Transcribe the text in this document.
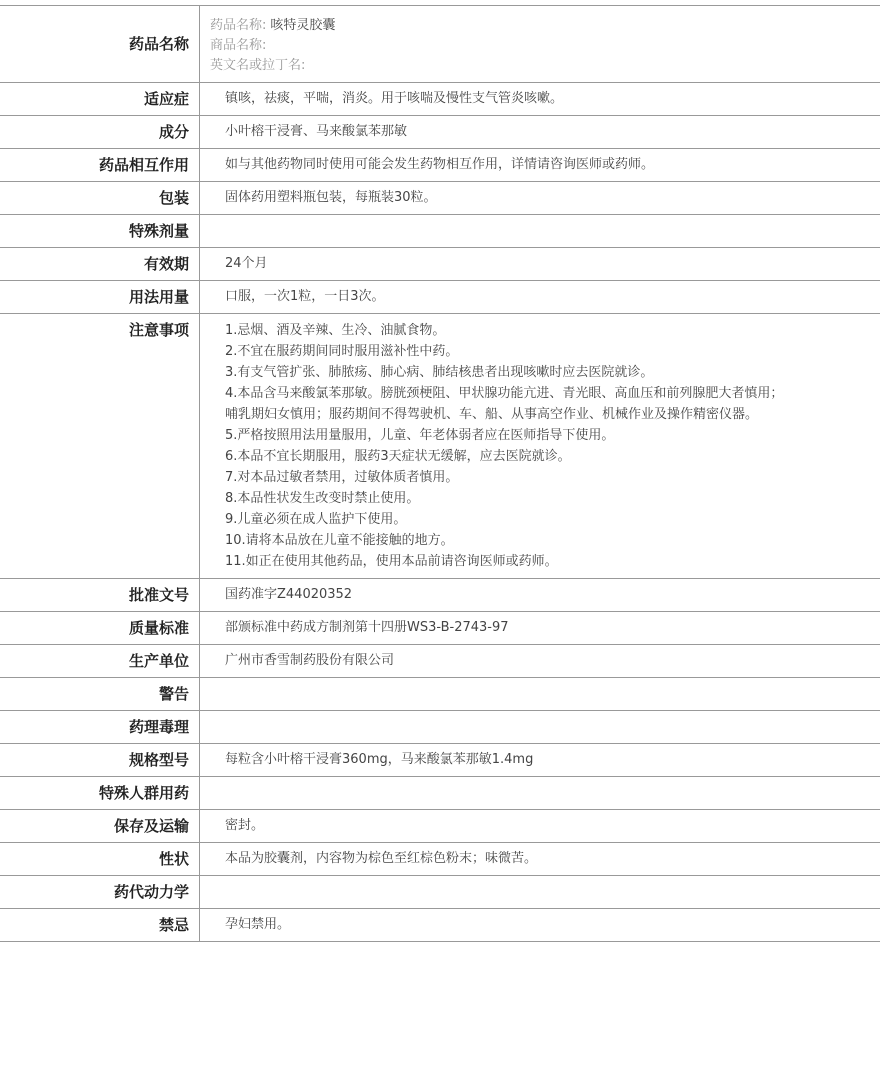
药品名称
药品名称: 咳特灵胶囊
商品名称:
英文名或拉丁名:
适应症	镇咳，祛痰，平喘，消炎。用于咳喘及慢性支气管炎咳嗽。
成分	小叶榕干浸膏、马来酸氯苯那敏
药品相互作用	如与其他药物同时使用可能会发生药物相互作用，详情请咨询医师或药师。
包装	固体药用塑料瓶包装，每瓶装30粒。
特殊剂量
有效期	24个月
用法用量	口服，一次1粒，一日3次。
注意事项	1.忌烟、酒及辛辣、生冷、油腻食物。
2.不宜在服药期间同时服用滋补性中药。
3.有支气管扩张、肺脓疡、肺心病、肺结核患者出现咳嗽时应去医院就诊。
4.本品含马来酸氯苯那敏。膀胱颈梗阻、甲状腺功能亢进、青光眼、高血压和前列腺肥大者慎用；哺乳期妇女慎用；服药期间不得驾驶机、车、船、从事高空作业、机械作业及操作精密仪器。
5.严格按照用法用量服用，儿童、年老体弱者应在医师指导下使用。
6.本品不宜长期服用，服药3天症状无缓解，应去医院就诊。
7.对本品过敏者禁用，过敏体质者慎用。
8.本品性状发生改变时禁止使用。
9.儿童必须在成人监护下使用。
10.请将本品放在儿童不能接触的地方。
11.如正在使用其他药品，使用本品前请咨询医师或药师。
批准文号	国药准字Z44020352
质量标准	部颁标准中药成方制剂第十四册WS3-B-2743-97
生产单位	广州市香雪制药股份有限公司
警告
药理毒理
规格型号	每粒含小叶榕干浸膏360mg，马来酸氯苯那敏1.4mg
特殊人群用药
保存及运输	密封。
性状	本品为胶囊剂，内容物为棕色至红棕色粉末；味微苦。
药代动力学
禁忌	孕妇禁用。
